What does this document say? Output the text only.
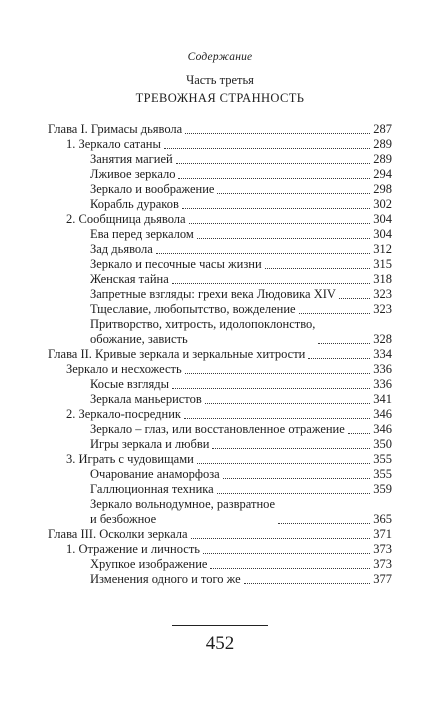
Содержание
Часть третья
ТРЕВОЖНАЯ СТРАННОСТЬ
Глава I. Гримасы дьявола	287
1. Зеркало сатаны	289
Занятия магией	289
Лживое зеркало	294
Зеркало и воображение	298
Корабль дураков	302
2. Сообщница дьявола	304
Ева перед зеркалом	304
Зад дьявола	312
Зеркало и песочные часы жизни	315
Женская тайна	318
Запретные взгляды: грехи века Людовика XIV	323
Тщеславие, любопытство, вожделение	323
Притворство, хитрость, идолопоклонство,
обожание, зависть	328
Глава II. Кривые зеркала и зеркальные хитрости	334
Зеркало и несхожесть	336
Косые взгляды	336
Зеркала маньеристов	341
2. Зеркало-посредник	346
Зеркало – глаз, или восстановленное отражение 346
Игры зеркала и любви	350
3. Играть с чудовищами	355
Очарование анаморфоза	355
Галлюционная техника	359
Зеркало вольнодумное, развратное
и безбожное	365
Глава III. Осколки зеркала	371
1. Отражение и личность	373
Хрупкое изображение	373
Изменения одного и того же	377
452
